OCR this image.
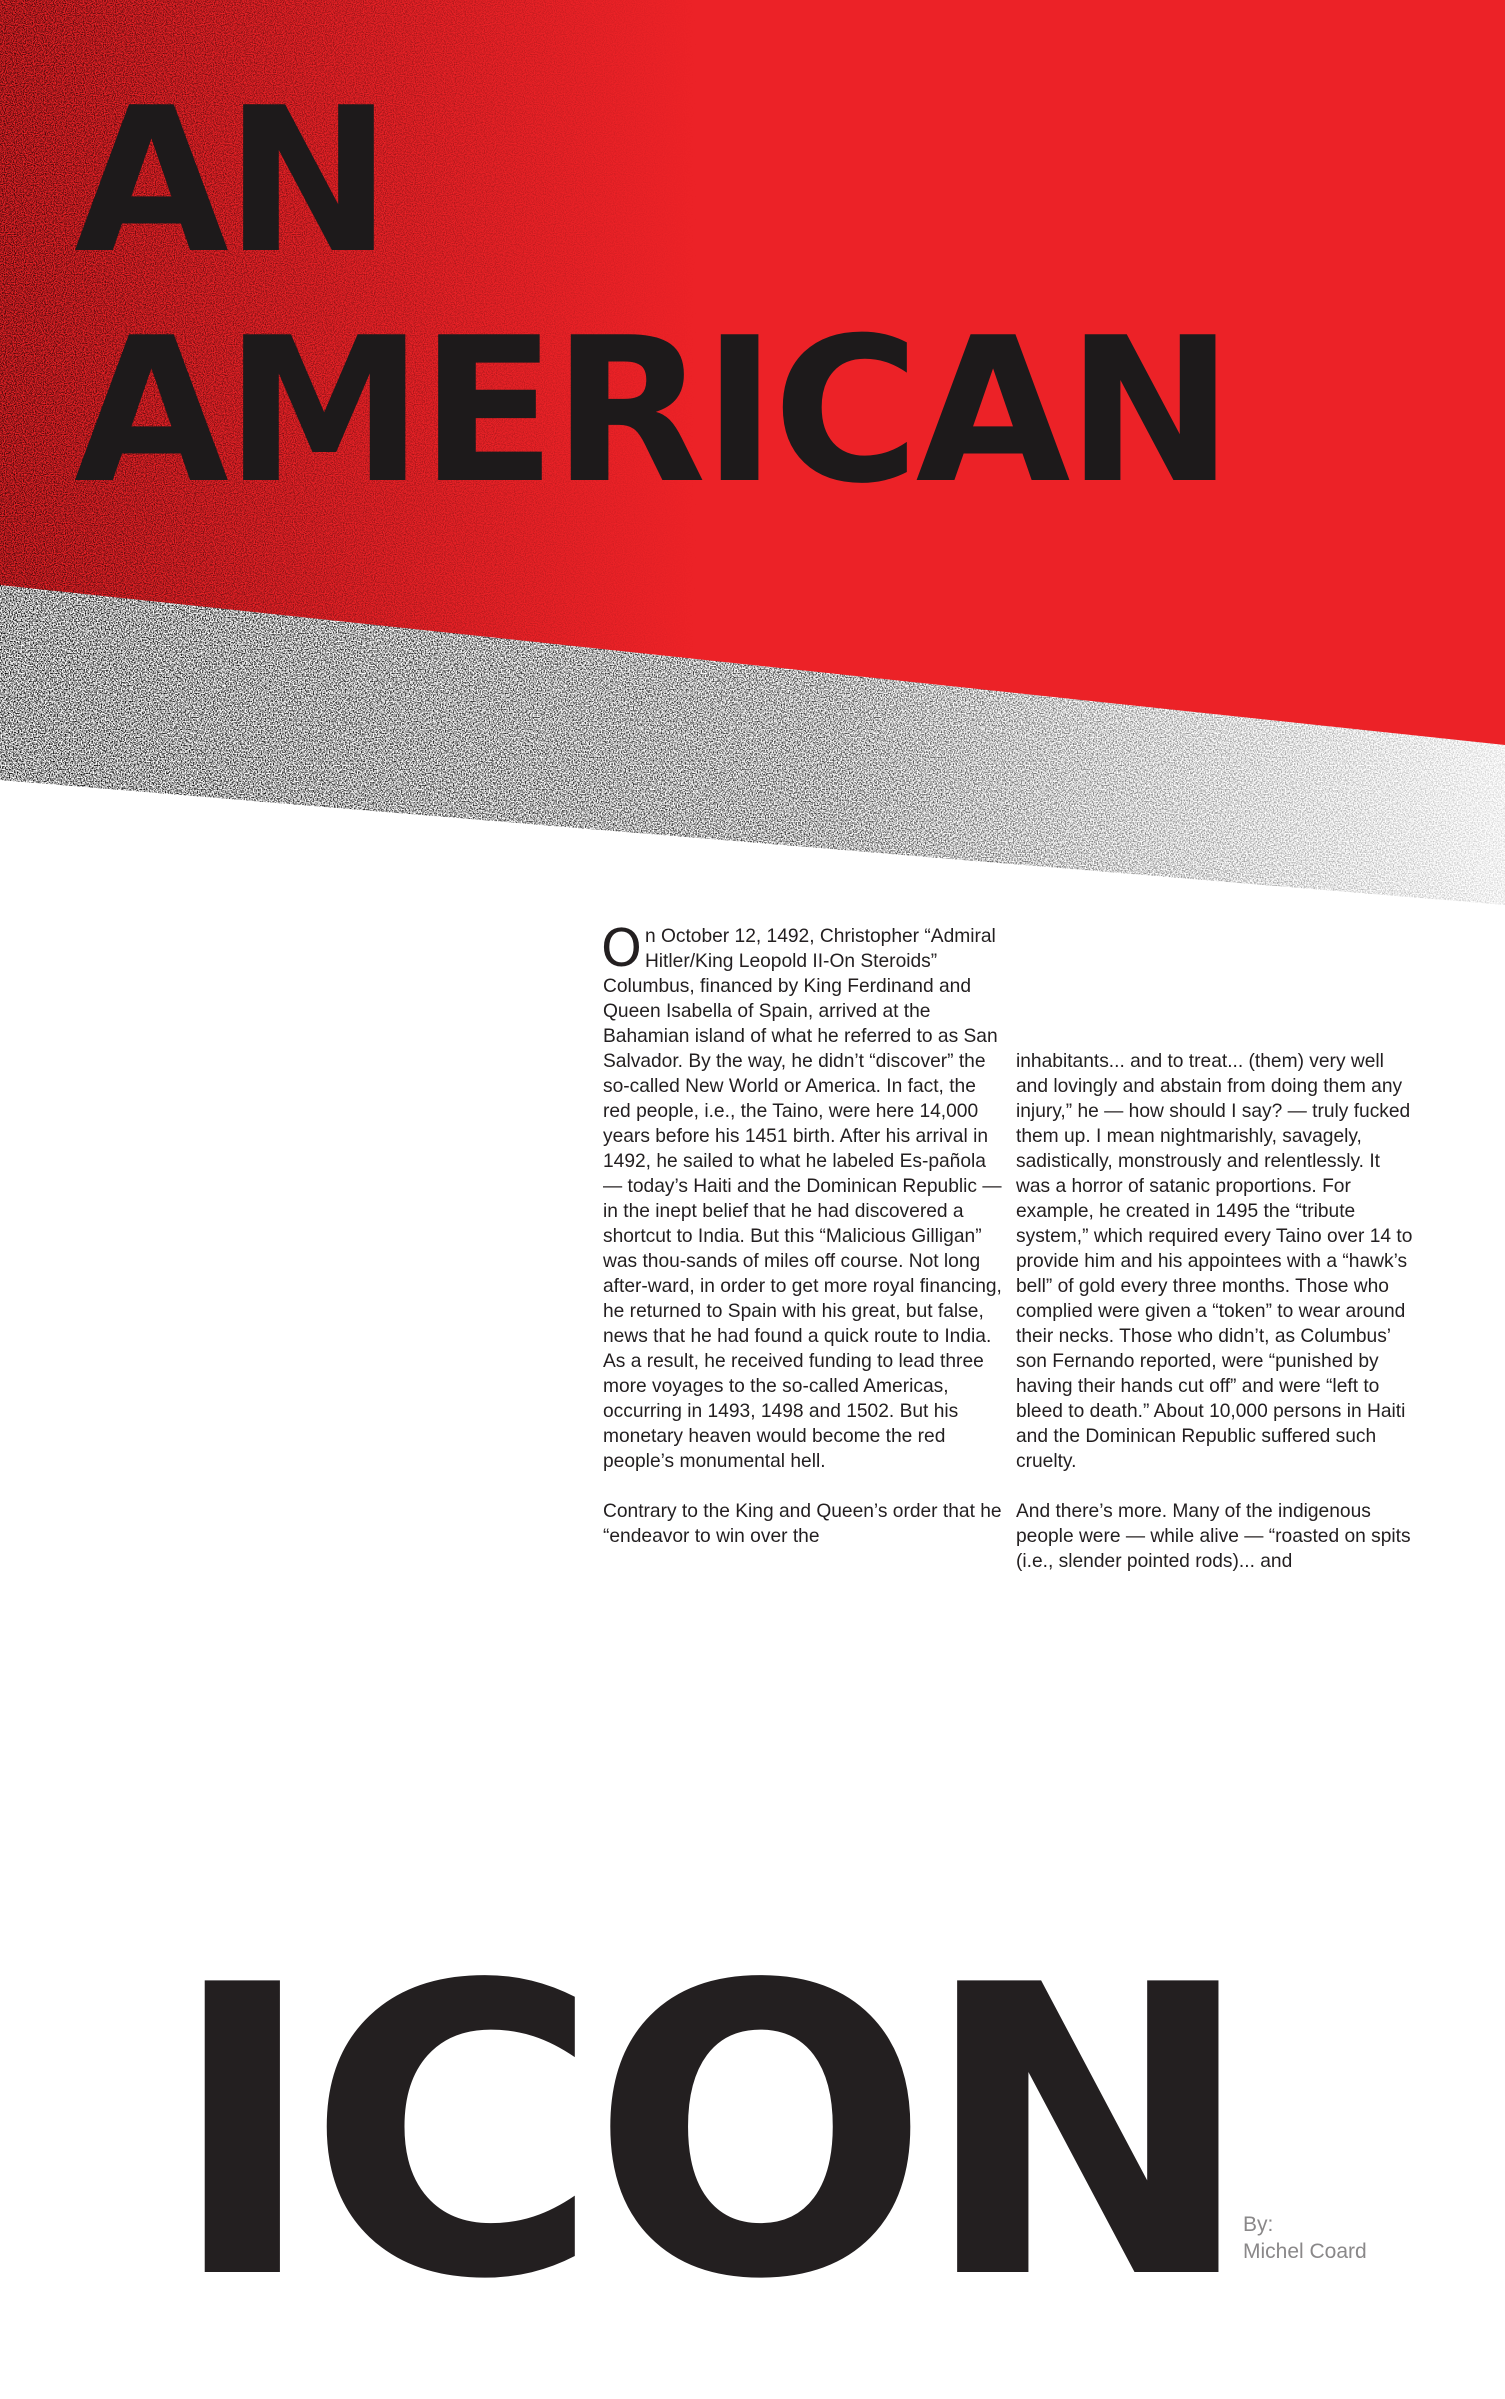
AN
AMERICAN

On October 12, 1492, Christopher “Admiral Hitler/King Leopold II-On Steroids” Columbus, financed by King Ferdinand and Queen Isabella of Spain, arrived at the Bahamian island of what he referred to as San Salvador. By the way, he didn’t “discover” the so-called New World or America. In fact, the red people, i.e., the Taino, were here 14,000 years before his 1451 birth. After his arrival in 1492, he sailed to what he labeled Es-pañola — today’s Haiti and the Dominican Republic — in the inept belief that he had discovered a shortcut to India. But this “Malicious Gilligan” was thou-sands of miles off course. Not long after-ward, in order to get more royal financing, he returned to Spain with his great, but false, news that he had found a quick route to India. As a result, he received funding to lead three more voyages to the so-called Americas, occurring in 1493, 1498 and 1502. But his monetary heaven would become the red people’s monumental hell.

Contrary to the King and Queen’s order that he “endeavor to win over the

inhabitants... and to treat... (them) very well and lovingly and abstain from doing them any injury,” he — how should I say? — truly fucked them up. I mean nightmarishly, savagely, sadistically, monstrously and relentlessly. It was a horror of satanic proportions. For example, he created in 1495 the “tribute system,” which required every Taino over 14 to provide him and his appointees with a “hawk’s bell” of gold every three months. Those who complied were given a “token” to wear around their necks. Those who didn’t, as Columbus’ son Fernando reported, were “punished by having their hands cut off” and were “left to bleed to death.” About 10,000 persons in Haiti and the Dominican Republic suffered such cruelty.

And there’s more. Many of the indigenous people were — while alive — “roasted on spits (i.e., slender pointed rods)... and

ICON
By:
Michel Coard
